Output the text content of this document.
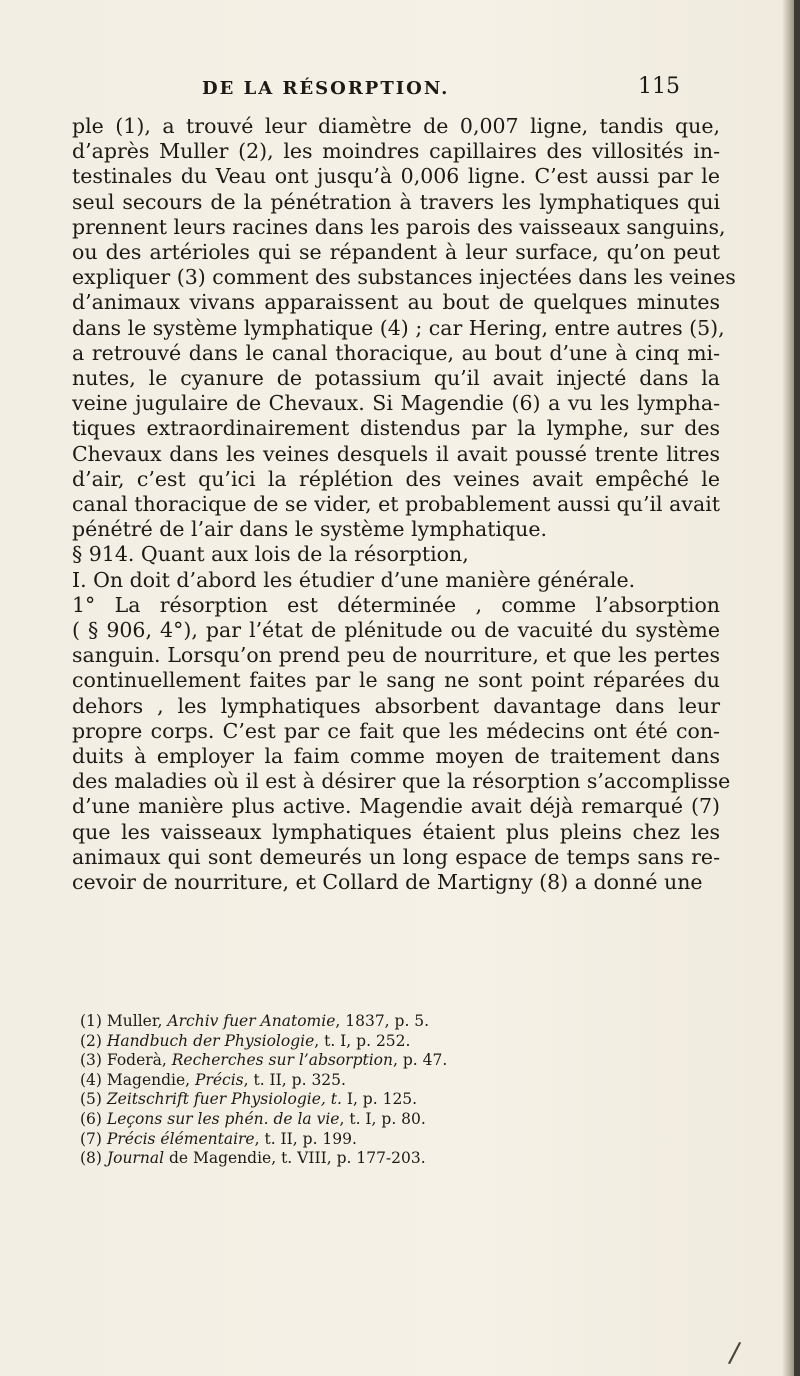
DE LA RÉSORPTION.	115
ple (1), a trouvé leur diamètre de 0,007 ligne, tandis que,
d’après Muller (2), les moindres capillaires des villosités in-
testinales du Veau ont jusqu’à 0,006 ligne. C’est aussi par le
seul secours de la pénétration à travers les lymphatiques qui
prennent leurs racines dans les parois des vaisseaux sanguins,
ou des artérioles qui se répandent à leur surface, qu’on peut
expliquer (3) comment des substances injectées dans les veines
d’animaux vivans apparaissent au bout de quelques minutes
dans le système lymphatique (4) ; car Hering, entre autres (5),
a retrouvé dans le canal thoracique, au bout d’une à cinq mi-
nutes, le cyanure de potassium qu’il avait injecté dans la
veine jugulaire de Chevaux. Si Magendie (6) a vu les lympha-
tiques extraordinairement distendus par la lymphe, sur des
Chevaux dans les veines desquels il avait poussé trente litres
d’air, c’est qu’ici la réplétion des veines avait empêché le
canal thoracique de se vider, et probablement aussi qu’il avait
pénétré de l’air dans le système lymphatique.
§ 914. Quant aux lois de la résorption,
I. On doit d’abord les étudier d’une manière générale.
1° La résorption est déterminée , comme l’absorption
( § 906, 4°), par l’état de plénitude ou de vacuité du système
sanguin. Lorsqu’on prend peu de nourriture, et que les pertes
continuellement faites par le sang ne sont point réparées du
dehors , les lymphatiques absorbent davantage dans leur
propre corps. C’est par ce fait que les médecins ont été con-
duits à employer la faim comme moyen de traitement dans
des maladies où il est à désirer que la résorption s’accomplisse
d’une manière plus active. Magendie avait déjà remarqué (7)
que les vaisseaux lymphatiques étaient plus pleins chez les
animaux qui sont demeurés un long espace de temps sans re-
cevoir de nourriture, et Collard de Martigny (8) a donné une
(1) Muller, Archiv fuer Anatomie, 1837, p. 5.
(2) Handbuch der Physiologie, t. I, p. 252.
(3) Foderà, Recherches sur l’absorption, p. 47.
(4) Magendie, Précis, t. II, p. 325.
(5) Zeitschrift fuer Physiologie, t. I, p. 125.
(6) Leçons sur les phén. de la vie, t. I, p. 80.
(7) Précis élémentaire, t. II, p. 199.
(8) Journal de Magendie, t. VIII, p. 177-203.
/
